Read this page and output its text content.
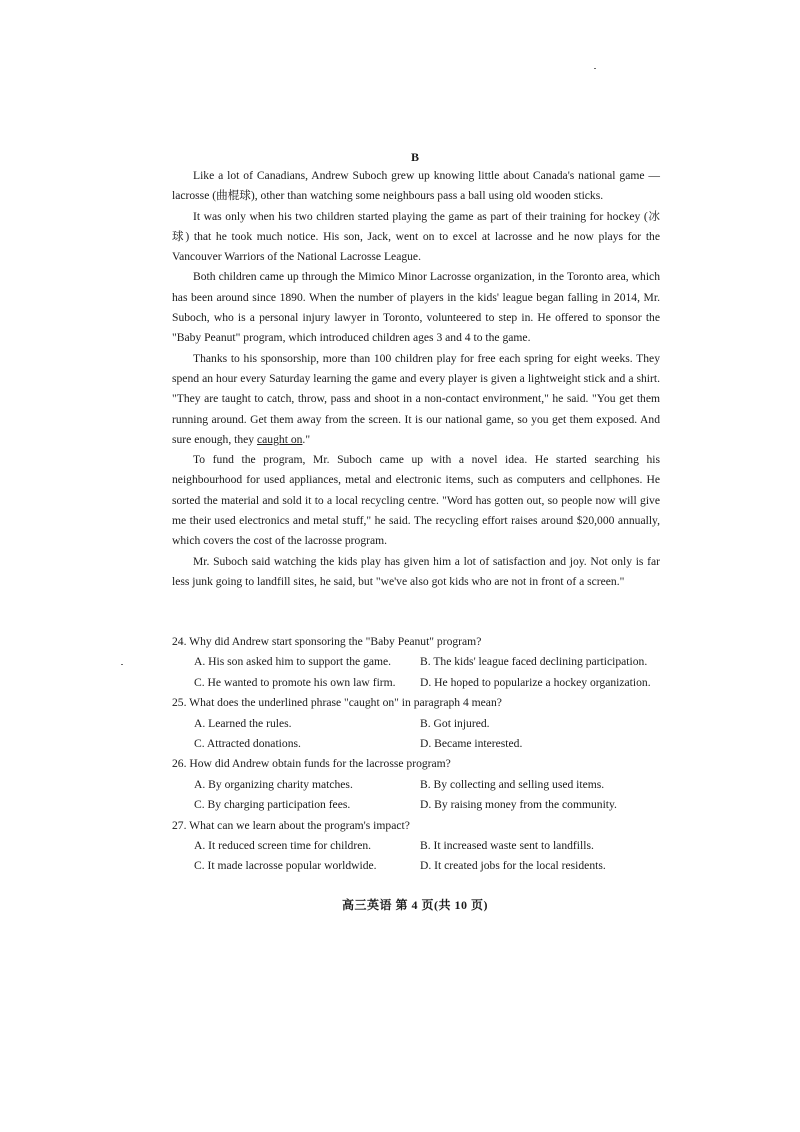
B

Like a lot of Canadians, Andrew Suboch grew up knowing little about Canada's national game — lacrosse (曲棍球), other than watching some neighbours pass a ball using old wooden sticks.

It was only when his two children started playing the game as part of their training for hockey (冰球) that he took much notice. His son, Jack, went on to excel at lacrosse and he now plays for the Vancouver Warriors of the National Lacrosse League.

Both children came up through the Mimico Minor Lacrosse organization, in the Toronto area, which has been around since 1890. When the number of players in the kids' league began falling in 2014, Mr. Suboch, who is a personal injury lawyer in Toronto, volunteered to step in. He offered to sponsor the "Baby Peanut" program, which introduced children ages 3 and 4 to the game.

Thanks to his sponsorship, more than 100 children play for free each spring for eight weeks. They spend an hour every Saturday learning the game and every player is given a lightweight stick and a shirt. "They are taught to catch, throw, pass and shoot in a non-contact environment," he said. "You get them running around. Get them away from the screen. It is our national game, so you get them exposed. And sure enough, they caught on."

To fund the program, Mr. Suboch came up with a novel idea. He started searching his neighbourhood for used appliances, metal and electronic items, such as computers and cellphones. He sorted the material and sold it to a local recycling centre. "Word has gotten out, so people now will give me their used electronics and metal stuff," he said. The recycling effort raises around $20,000 annually, which covers the cost of the lacrosse program.

Mr. Suboch said watching the kids play has given him a lot of satisfaction and joy. Not only is far less junk going to landfill sites, he said, but "we've also got kids who are not in front of a screen."

24. Why did Andrew start sponsoring the "Baby Peanut" program?
A. His son asked him to support the game.	B. The kids' league faced declining participation.
C. He wanted to promote his own law firm.	D. He hoped to popularize a hockey organization.
25. What does the underlined phrase "caught on" in paragraph 4 mean?
A. Learned the rules.	B. Got injured.
C. Attracted donations.	D. Became interested.
26. How did Andrew obtain funds for the lacrosse program?
A. By organizing charity matches.	B. By collecting and selling used items.
C. By charging participation fees.	D. By raising money from the community.
27. What can we learn about the program's impact?
A. It reduced screen time for children.	B. It increased waste sent to landfills.
C. It made lacrosse popular worldwide.	D. It created jobs for the local residents.
高三英语 第 4 页(共 10 页)
